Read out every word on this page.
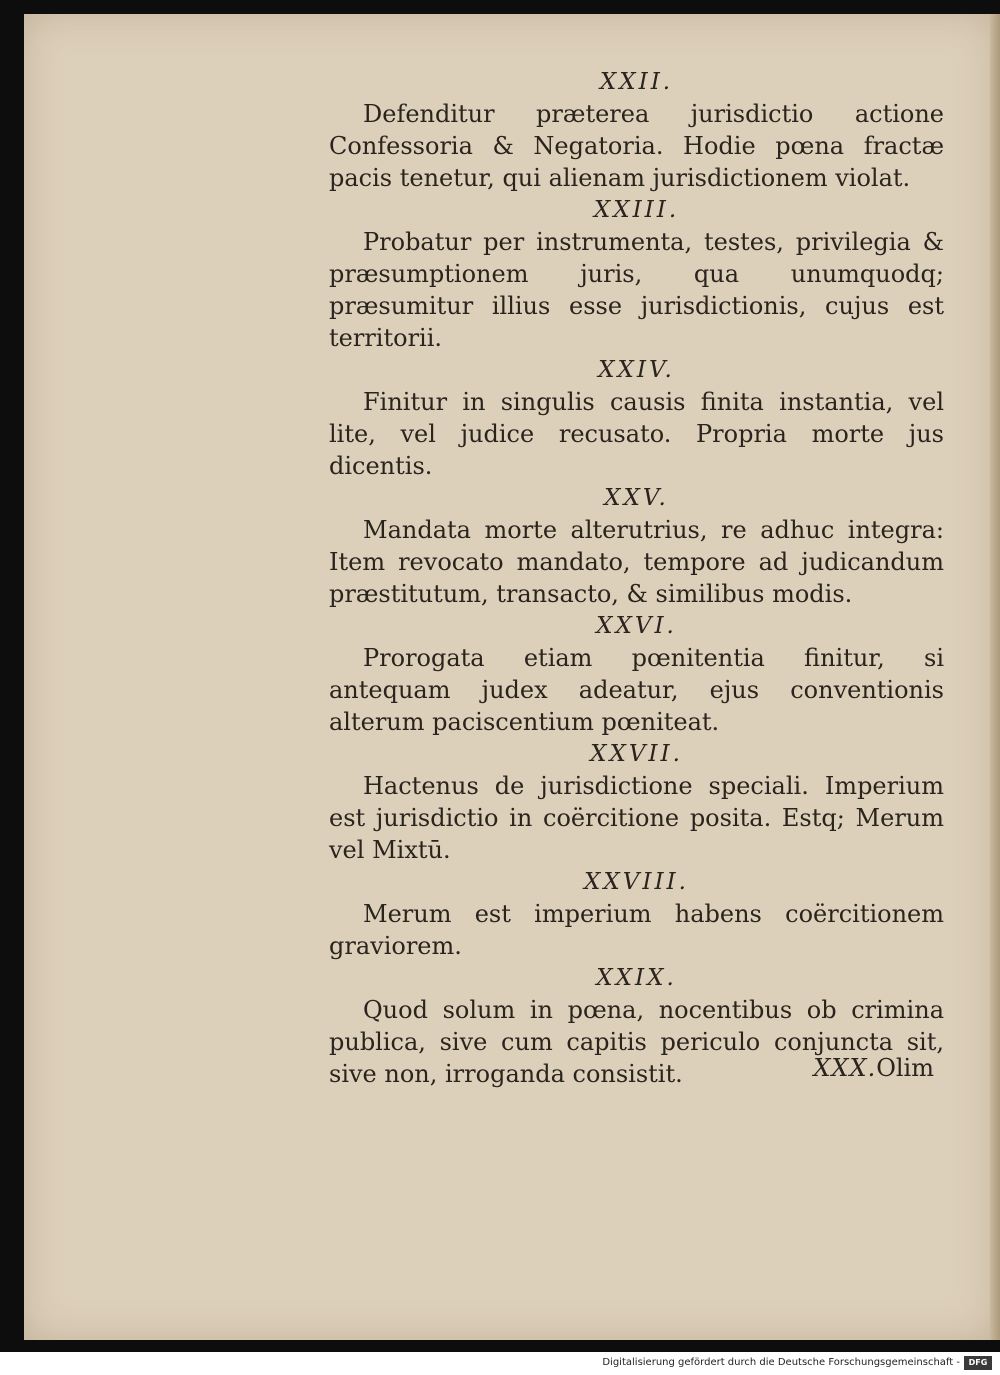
XXII.

Defenditur præterea jurisdictio actione Confessoria & Negatoria. Hodie pœna fractæ pacis tenetur, qui alienam jurisdictionem violat.

XXIII.

Probatur per instrumenta, testes, privilegia & præsumptionem juris, qua unumquodq; præsumitur illius esse jurisdictionis, cujus est territorii.

XXIV.

Finitur in singulis causis finita instantia, vel lite, vel judice recusato. Propria morte jus dicentis.

XXV.

Mandata morte alterutrius, re adhuc integra: Item revocato mandato, tempore ad judicandum præstitutum, transacto, & similibus modis.

XXVI.

Prorogata etiam pœnitentia finitur, si antequam judex adeatur, ejus conventionis alterum paciscentium pœniteat.

XXVII.

Hactenus de jurisdictione speciali. Imperium est jurisdictio in coërcitione posita. Estq; Merum vel Mixtū.

XXVIII.

Merum est imperium habens coërcitionem graviorem.

XXIX.

Quod solum in pœna, nocentibus ob crimina publica, sive cum capitis periculo conjuncta sit, sive non, irroganda consistit.	XXX.Olim
Digitalisierung gefördert durch die Deutsche Forschungsgemeinschaft -	DFG
